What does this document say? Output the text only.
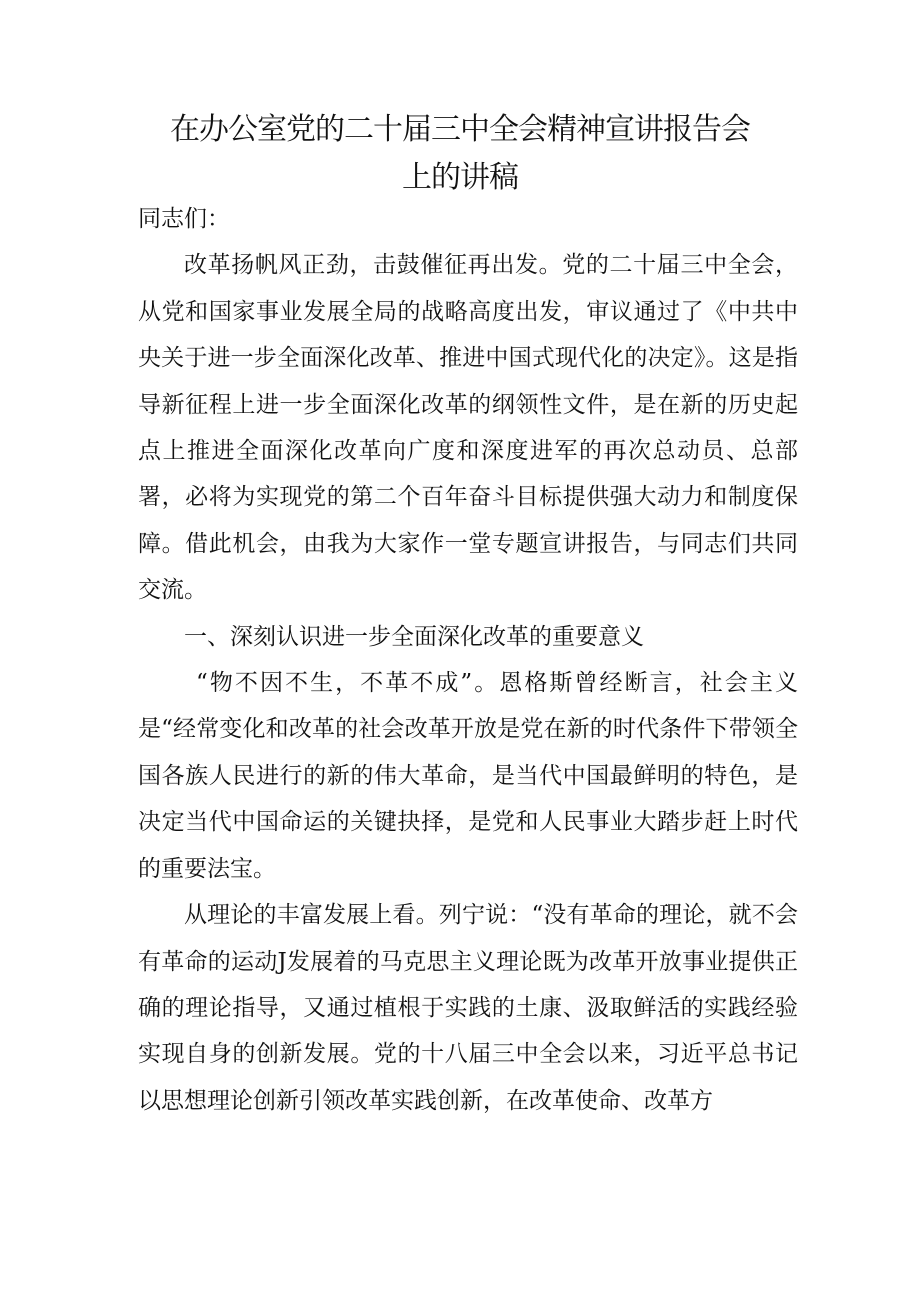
在办公室党的二十届三中全会精神宣讲报告会
上的讲稿

同志们：

改革扬帆风正劲，击鼓催征再出发。党的二十届三中全会，从党和国家事业发展全局的战略高度出发，审议通过了《中共中央关于进一步全面深化改革、推进中国式现代化的决定》。这是指导新征程上进一步全面深化改革的纲领性文件，是在新的历史起点上推进全面深化改革向广度和深度进军的再次总动员、总部署，必将为实现党的第二个百年奋斗目标提供强大动力和制度保障。借此机会，由我为大家作一堂专题宣讲报告，与同志们共同交流。

一、深刻认识进一步全面深化改革的重要意义

“物不因不生，不革不成”。恩格斯曾经断言，社会主义是“经常变化和改革的社会改革开放是党在新的时代条件下带领全国各族人民进行的新的伟大革命，是当代中国最鲜明的特色，是决定当代中国命运的关键抉择，是党和人民事业大踏步赶上时代的重要法宝。

从理论的丰富发展上看。列宁说：“没有革命的理论，就不会有革命的运动J发展着的马克思主义理论既为改革开放事业提供正确的理论指导，又通过植根于实践的土康、汲取鲜活的实践经验实现自身的创新发展。党的十八届三中全会以来，习近平总书记以思想理论创新引领改革实践创新，在改革使命、改革方
